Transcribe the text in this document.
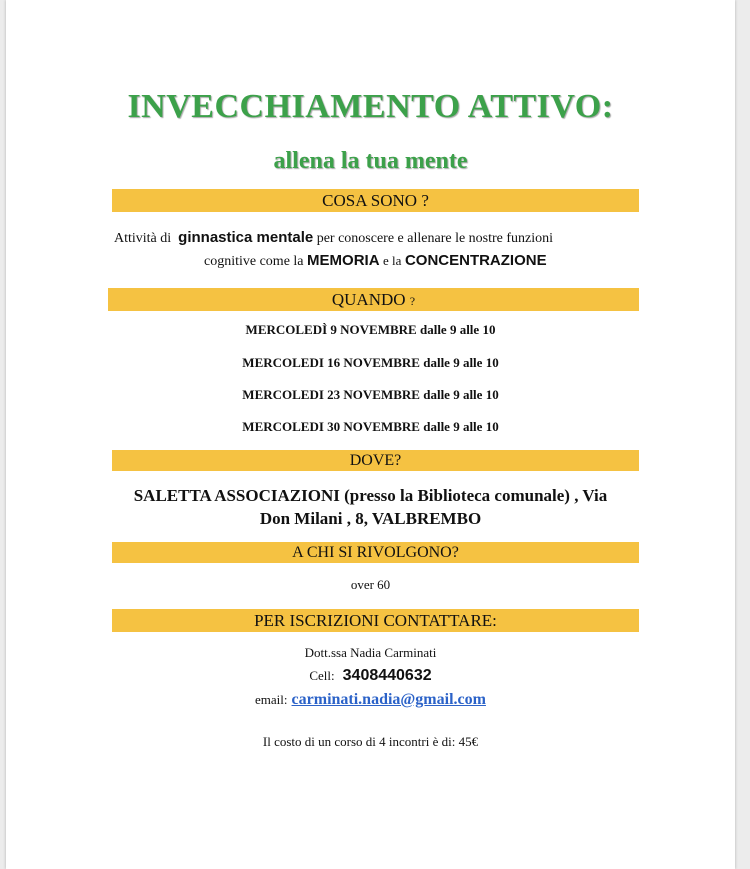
INVECCHIAMENTO ATTIVO:
allena la tua mente
COSA SONO ?
Attività di ginnastica mentale per conoscere e allenare le nostre funzioni
cognitive come la MEMORIA e la CONCENTRAZIONE
QUANDO ?
MERCOLEDÌ 9 NOVEMBRE dalle 9 alle 10
MERCOLEDI 16 NOVEMBRE dalle 9 alle 10
MERCOLEDI 23 NOVEMBRE dalle 9 alle 10
MERCOLEDI 30 NOVEMBRE dalle 9 alle 10
DOVE?
SALETTA ASSOCIAZIONI (presso la Biblioteca comunale) , Via
Don Milani , 8, VALBREMBO
A CHI SI RIVOLGONO?
over 60
PER ISCRIZIONI CONTATTARE:
Dott.ssa Nadia Carminati
Cell: 3408440632
email: carminati.nadia@gmail.com
Il costo di un corso di 4 incontri è di: 45€
